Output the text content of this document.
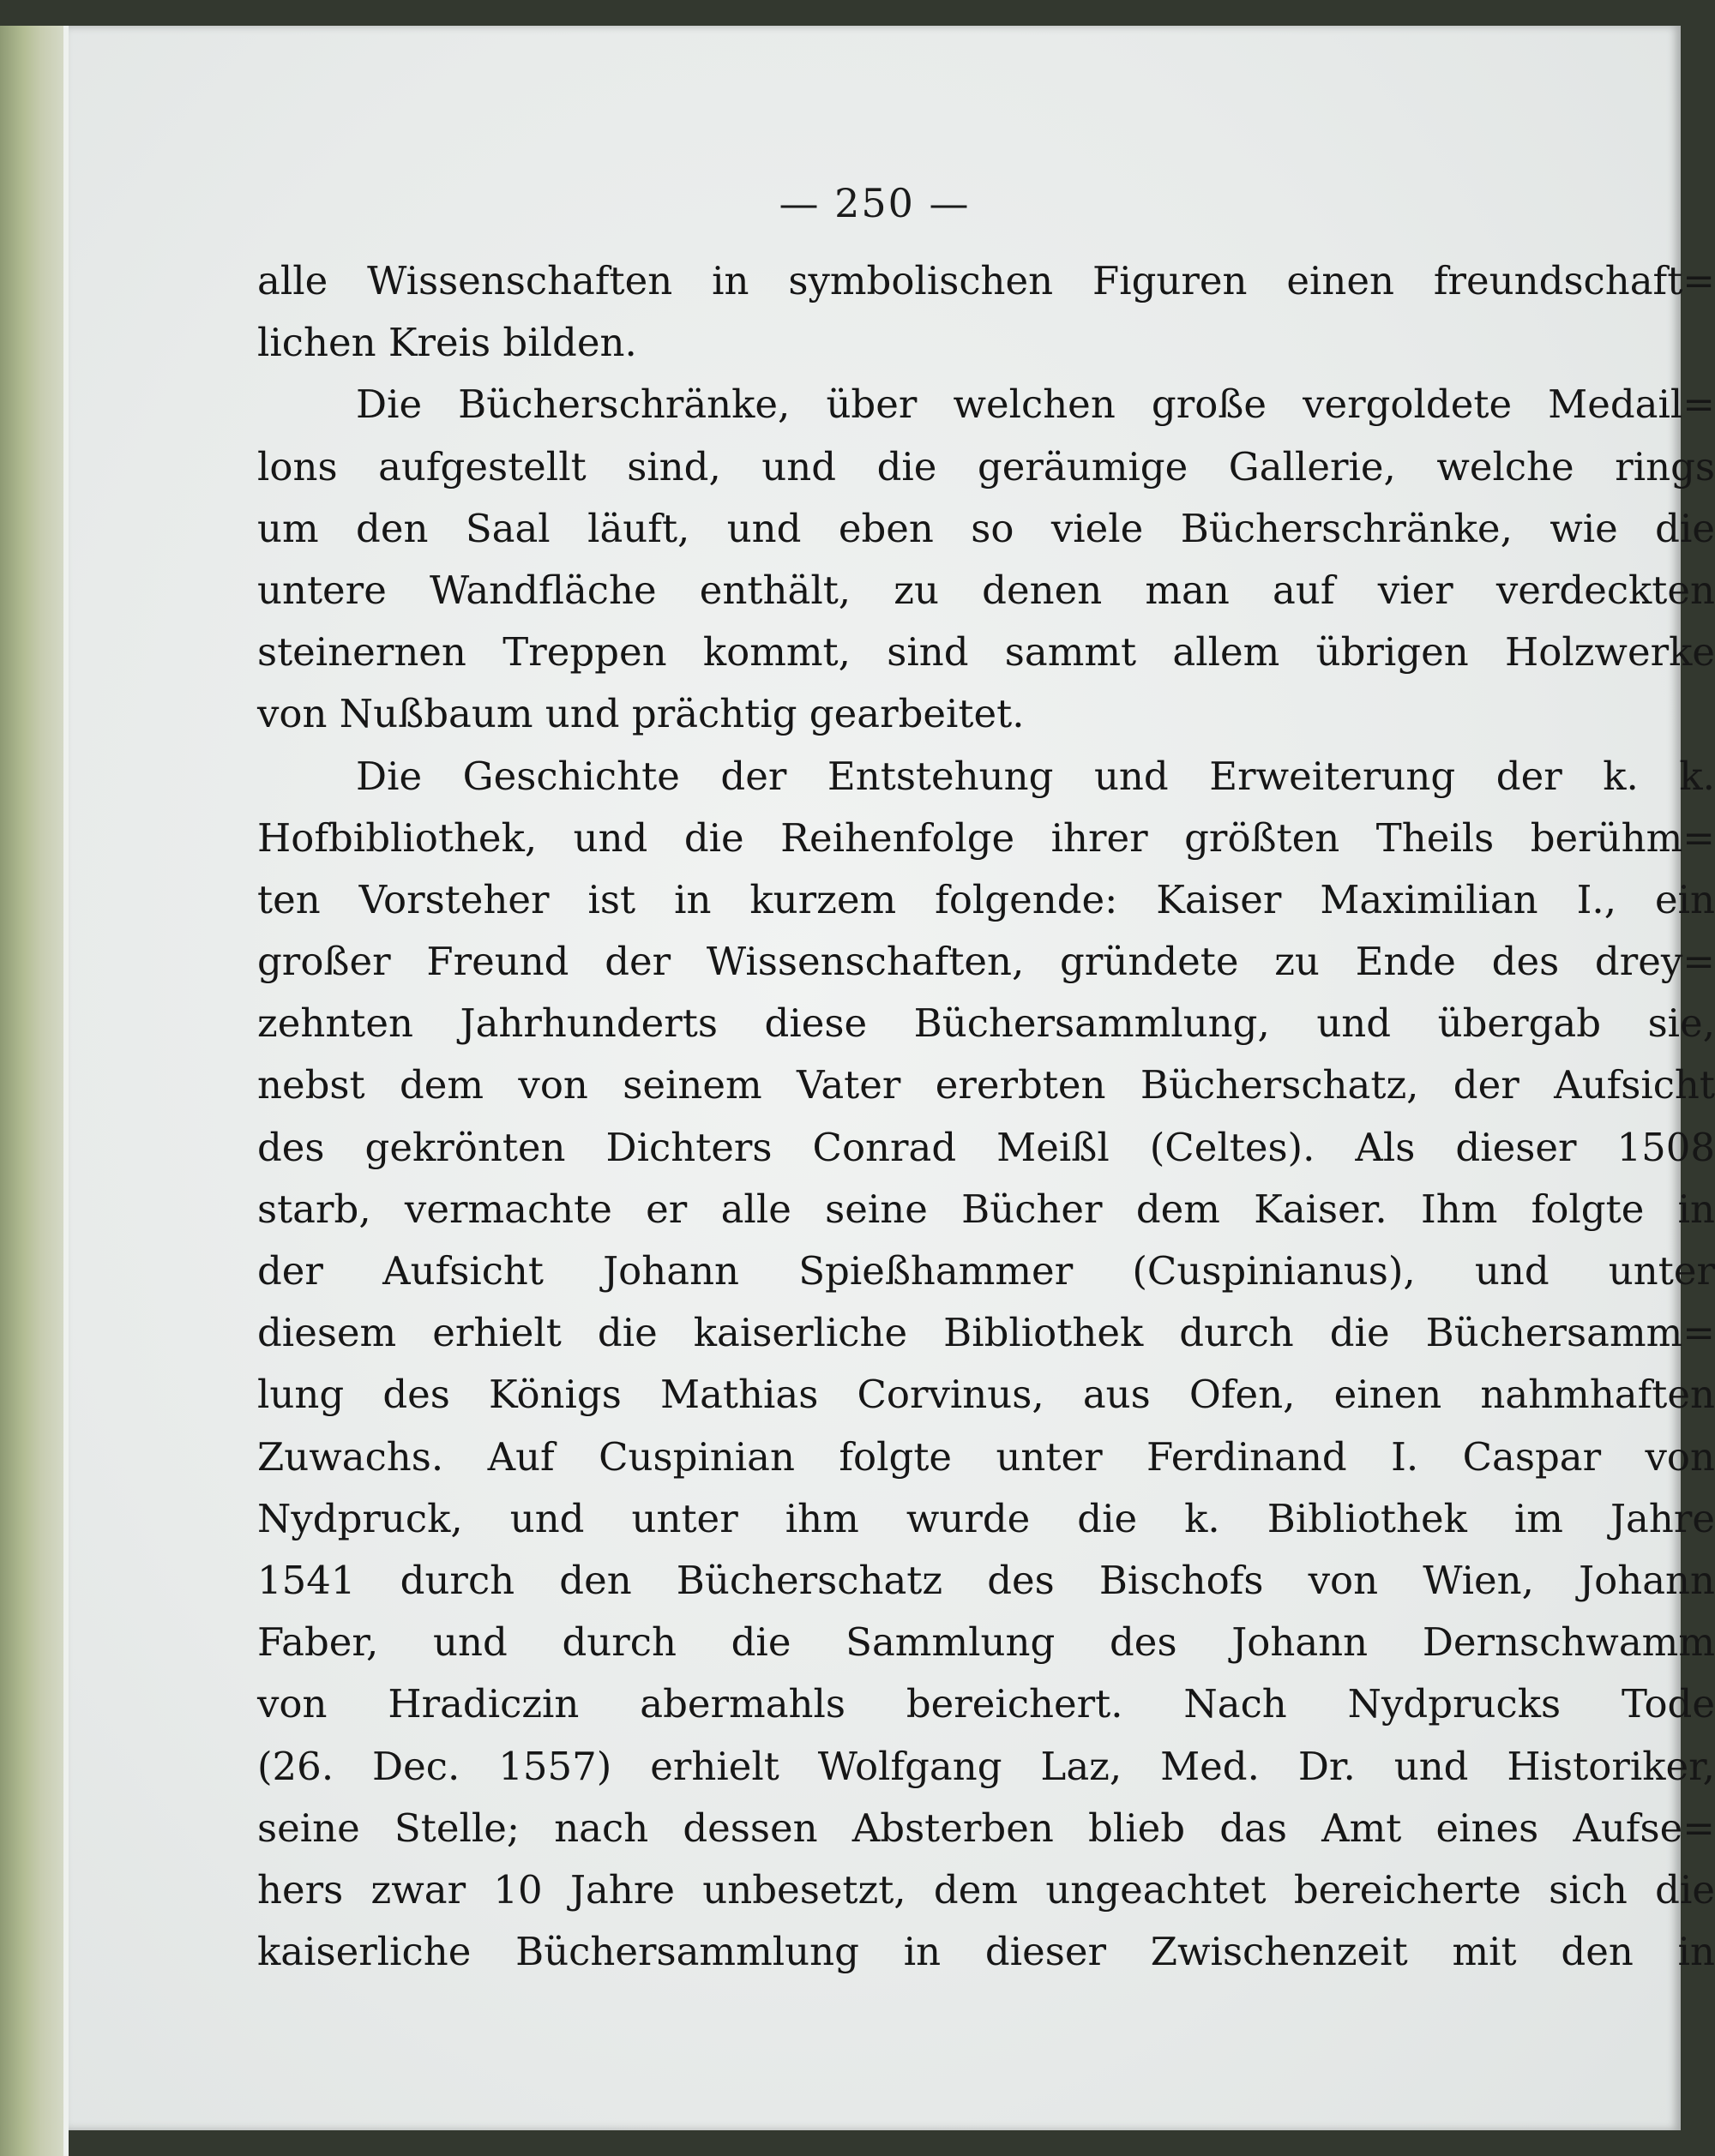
— 250 —
alle Wissenschaften in symbolischen Figuren einen freundschaft=
lichen Kreis bilden.
Die Bücherschränke, über welchen große vergoldete Medail=
lons aufgestellt sind, und die geräumige Gallerie, welche rings
um den Saal läuft, und eben so viele Bücherschränke, wie die
untere Wandfläche enthält, zu denen man auf vier verdeckten
steinernen Treppen kommt, sind sammt allem übrigen Holzwerke
von Nußbaum und prächtig gearbeitet.
Die Geschichte der Entstehung und Erweiterung der k. k.
Hofbibliothek, und die Reihenfolge ihrer größten Theils berühm=
ten Vorsteher ist in kurzem folgende: Kaiser Maximilian I., ein
großer Freund der Wissenschaften, gründete zu Ende des drey=
zehnten Jahrhunderts diese Büchersammlung, und übergab sie,
nebst dem von seinem Vater ererbten Bücherschatz, der Aufsicht
des gekrönten Dichters Conrad Meißl (Celtes). Als dieser 1508
starb, vermachte er alle seine Bücher dem Kaiser. Ihm folgte in
der Aufsicht Johann Spießhammer (Cuspinianus), und unter
diesem erhielt die kaiserliche Bibliothek durch die Büchersamm=
lung des Königs Mathias Corvinus, aus Ofen, einen nahmhaften
Zuwachs. Auf Cuspinian folgte unter Ferdinand I. Caspar von
Nydpruck, und unter ihm wurde die k. Bibliothek im Jahre
1541 durch den Bücherschatz des Bischofs von Wien, Johann
Faber, und durch die Sammlung des Johann Dernschwamm
von Hradiczin abermahls bereichert. Nach Nydprucks Tode
(26. Dec. 1557) erhielt Wolfgang Laz, Med. Dr. und Historiker,
seine Stelle; nach dessen Absterben blieb das Amt eines Aufse=
hers zwar 10 Jahre unbesetzt, dem ungeachtet bereicherte sich die
kaiserliche Büchersammlung in dieser Zwischenzeit mit den in
